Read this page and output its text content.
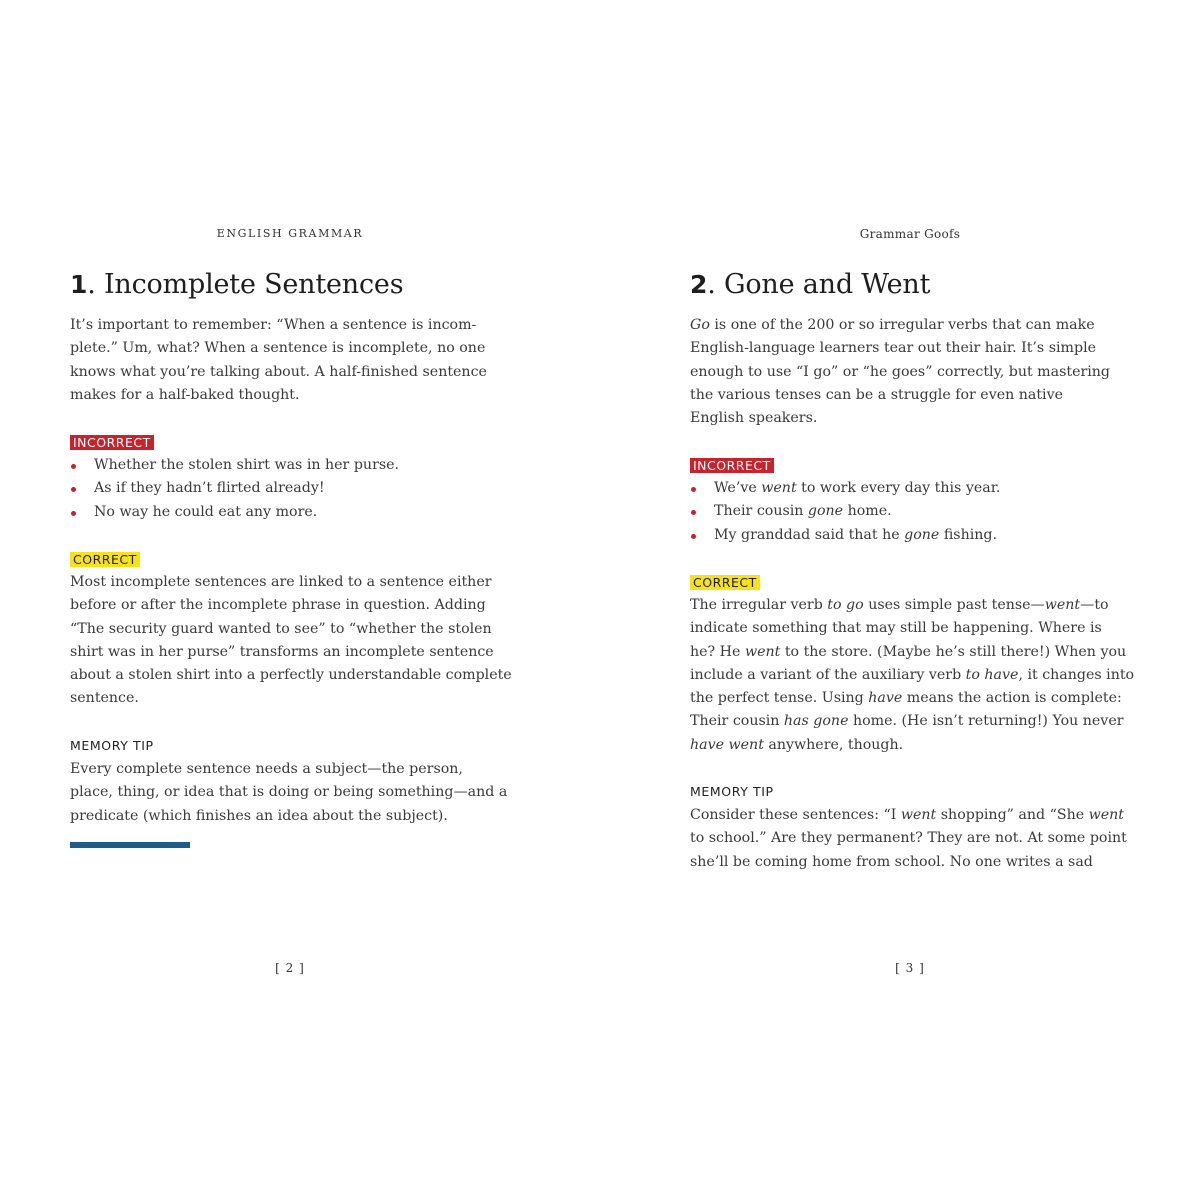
ENGLISH GRAMMAR
1. Incomplete Sentences
It’s important to remember: “When a sentence is incom-
plete.” Um, what? When a sentence is incomplete, no one
knows what you’re talking about. A half-finished sentence
makes for a half-baked thought.
INCORRECT
Whether the stolen shirt was in her purse.
As if they hadn’t flirted already!
No way he could eat any more.
CORRECT
Most incomplete sentences are linked to a sentence either
before or after the incomplete phrase in question. Adding
“The security guard wanted to see” to “whether the stolen
shirt was in her purse” transforms an incomplete sentence
about a stolen shirt into a perfectly understandable complete
sentence.
MEMORY TIP
Every complete sentence needs a subject—the person,
place, thing, or idea that is doing or being something—and a
predicate (which finishes an idea about the subject).
[ 2 ]
Grammar Goofs
2. Gone and Went
Go is one of the 200 or so irregular verbs that can make
English-language learners tear out their hair. It’s simple
enough to use “I go” or “he goes” correctly, but mastering
the various tenses can be a struggle for even native
English speakers.
INCORRECT
We’ve went to work every day this year.
Their cousin gone home.
My granddad said that he gone fishing.
CORRECT
The irregular verb to go uses simple past tense—went—to
indicate something that may still be happening. Where is
he? He went to the store. (Maybe he’s still there!) When you
include a variant of the auxiliary verb to have, it changes into
the perfect tense. Using have means the action is complete:
Their cousin has gone home. (He isn’t returning!) You never
have went anywhere, though.
MEMORY TIP
Consider these sentences: “I went shopping” and “She went
to school.” Are they permanent? They are not. At some point
she’ll be coming home from school. No one writes a sad
[ 3 ]
